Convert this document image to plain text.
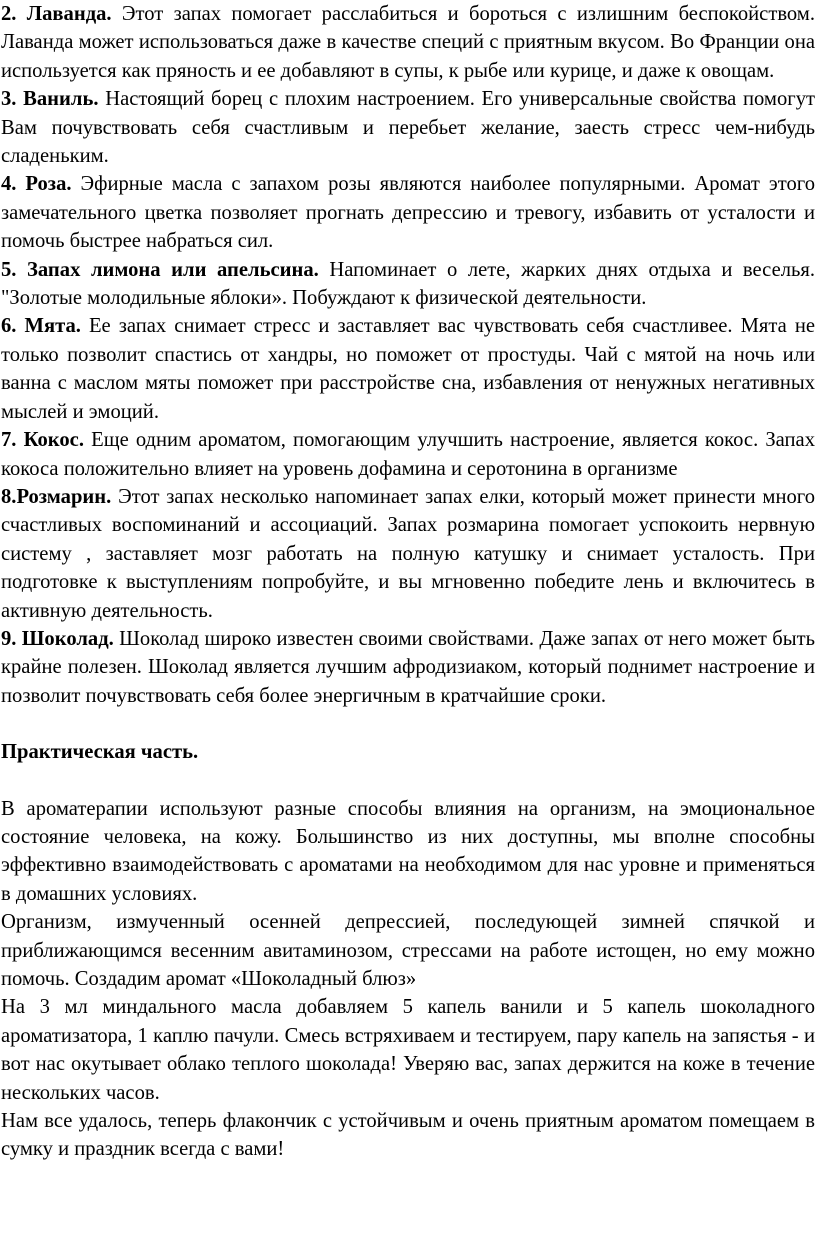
2. Лаванда. Этот запах помогает расслабиться и бороться с излишним беспокойством. Лаванда может использоваться даже в качестве специй с приятным вкусом. Во Франции она используется как пряность и ее добавляют в супы, к рыбе или курице, и даже к овощам.

3. Ваниль. Настоящий борец с плохим настроением. Его универсальные свойства помогут Вам почувствовать себя счастливым и перебьет желание, заесть стресс чем-нибудь сладеньким.

4. Роза. Эфирные масла с запахом розы являются наиболее популярными. Аромат этого замечательного цветка позволяет прогнать депрессию и тревогу, избавить от усталости и помочь быстрее набраться сил.

5. Запах лимона или апельсина. Напоминает о лете, жарких днях отдыха и веселья. "Золотые молодильные яблоки». Побуждают к физической деятельности.

6. Мята. Ее запах снимает стресс и заставляет вас чувствовать себя счастливее. Мята не только позволит спастись от хандры, но поможет от простуды. Чай с мятой на ночь или ванна с маслом мяты поможет при расстройстве сна, избавления от ненужных негативных мыслей и эмоций.

7. Кокос. Еще одним ароматом, помогающим улучшить настроение, является кокос. Запах кокоса положительно влияет на уровень дофамина и серотонина в организме

8.Розмарин. Этот запах несколько напоминает запах елки, который может принести много счастливых воспоминаний и ассоциаций. Запах розмарина помогает успокоить нервную систему , заставляет мозг работать на полную катушку и снимает усталость. При подготовке к выступлениям попробуйте, и вы мгновенно победите лень и включитесь в активную деятельность.

9. Шоколад. Шоколад широко известен своими свойствами. Даже запах от него может быть крайне полезен. Шоколад является лучшим афродизиаком, который поднимет настроение и позволит почувствовать себя более энергичным в кратчайшие сроки.

Практическая часть.

В ароматерапии используют разные способы влияния на организм, на эмоциональное состояние человека, на кожу. Большинство из них доступны, мы вполне способны эффективно взаимодействовать с ароматами на необходимом для нас уровне и применяться в домашних условиях.

Организм, измученный осенней депрессией, последующей зимней спячкой и приближающимся весенним авитаминозом, стрессами на работе истощен, но ему можно помочь. Создадим аромат «Шоколадный блюз»

На 3 мл миндального масла добавляем 5 капель ванили и 5 капель шоколадного ароматизатора, 1 каплю пачули. Смесь встряхиваем и тестируем, пару капель на запястья - и вот нас окутывает облако теплого шоколада! Уверяю вас, запах держится на коже в течение нескольких часов.

Нам все удалось, теперь флакончик с устойчивым и очень приятным ароматом помещаем в сумку и праздник всегда с вами!
